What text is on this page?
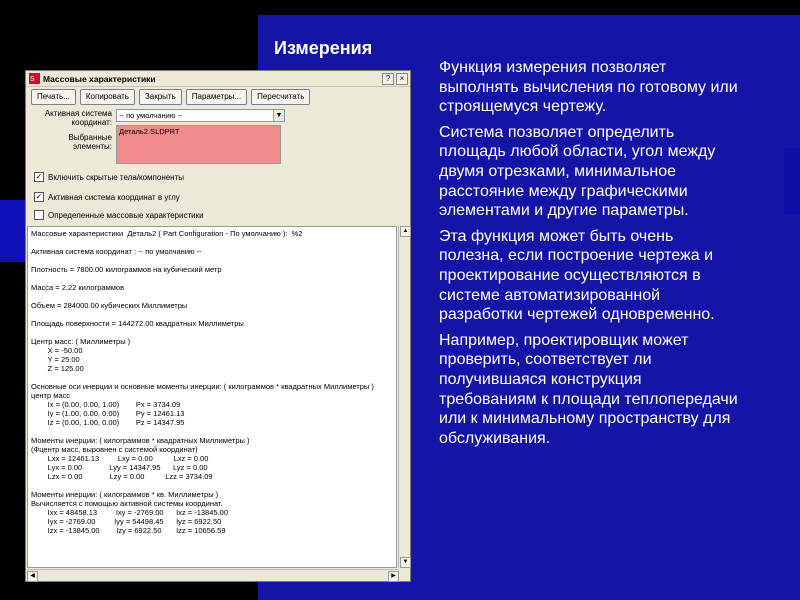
Измерения

Функция измерения позволяет выполнять вычисления по готовому или строящемуся чертежу.

Система позволяет определить площадь любой области, угол между двумя отрезками, минимальное расстояние между графическими элементами и другие параметры.

Эта функция может быть очень полезна, если построение чертежа и проектирование осуществляются в системе автоматизированной разработки чертежей одновременно.

Например, проектировщик может проверить, соответствует ли получившаяся конструкция требованиям к площади теплопередачи или к минимальному пространству для обслуживания.

S Массовые характеристики	?	×
Печать...	Копировать	Закрыть	Параметры...	Пересчитать
Активная система
координат:
-- по умолчанию --	▼
Выбранные элементы:
Деталь2.SLDPRT
✓ Включить скрытые тела/компоненты
✓ Активная система координат в углу
Определенные массовые характеристики
Массовые характеристики  Деталь2 ( Part Configuration - По умолчанию ):  %2
Активная система координат : -- по умолчанию --
Плотность = 7800.00 килограммов на кубический метр
Масса = 2.22 килограммов
Объем = 284000.00 кубических Миллиметры
Площадь поверхности = 144272.00 квадратных Миллиметры
Центр масс: ( Миллиметры )
X = -50.00
Y = 25.00
Z = 125.00
Основные оси инерции и основные моменты инерции: ( килограммов * квадратных Миллиметры )
центр масс
Ix = (0.00, 0.00, 1.00)        Px = 3734.09
Iy = (1.00, 0.00, 0.00)        Py = 12461.13
Iz = (0.00, 1.00, 0.00)        Pz = 14347.95
Моменты инерции: ( килограммов * квадратных Миллиметры )
(Фцентр масс, выровнен с системой координат)
Lxx = 12461.13         Lxy = 0.00          Lxz = 0.00
Lyx = 0.00             Lyy = 14347.95      Lyz = 0.00
Lzx = 0.00             Lzy = 0.00          Lzz = 3734.09
Моменты инерции: ( килограммов * кв. Миллиметры )
Вычисляется с помощью активной системы координат.
Ixx = 48458.13         Ixy = -2769.00      Ixz = -13845.00
Iyx = -2769.00         Iyy = 54498.45      Iyz = 6922.50
Izx = -13845.00        Izy = 6922.50       Izz = 10656.59
▲
▼
◀	▶
